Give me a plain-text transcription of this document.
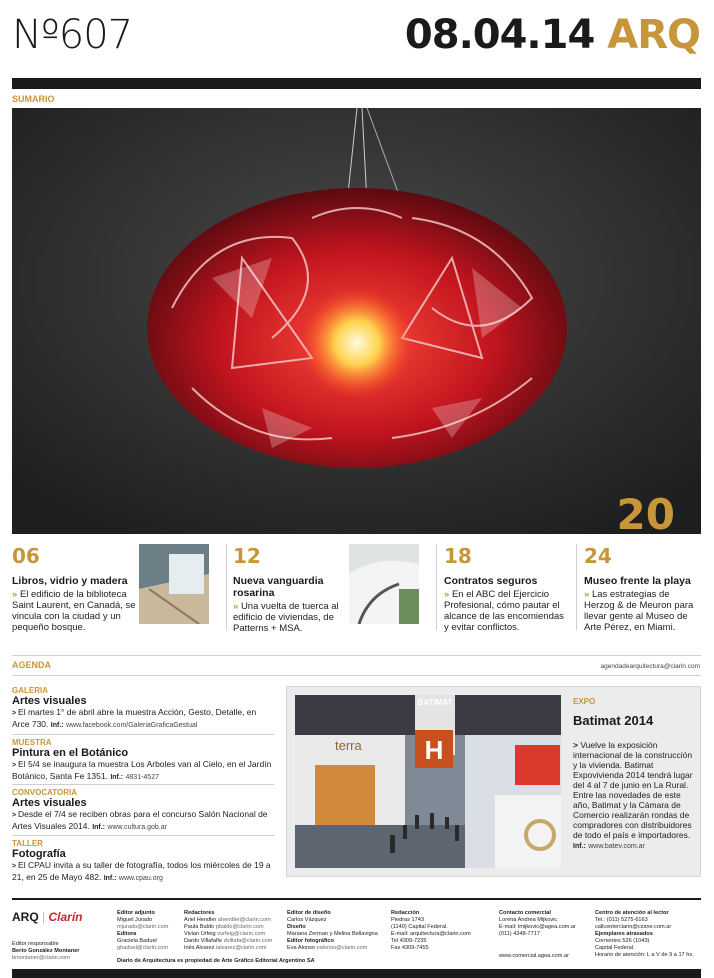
Nº607	08.04.14 ARQ
SUMARIO
20
06
Libros, vidrio y madera
» El edificio de la biblioteca Saint Laurent, en Canadá, se vincula con la ciudad y un pequeño bosque.
12
Nueva vanguardia rosarina
» Una vuelta de tuerca al edificio de viviendas, de Patterns + MSA.
18
Contratos seguros
» En el ABC del Ejercicio Profesional, cómo pautar el alcance de las encomiendas y evitar conflictos.
24
Museo frente la playa
» Las estrategias de Herzog & de Meuron para llevar gente al Museo de Arte Pérez, en Miami.
AGENDA	agendadearquitectura@clarin.com
GALERIA
Artes visuales
> El martes 1° de abril abre la muestra Acción, Gesto, Detalle, en Arce 730. Inf.: www.facebook.com/GaleriaGraficaGestual
MUESTRA
Pintura en el Botánico
> El 5/4 se inaugura la muestra Los Arboles van al Cielo, en el Jardín Botánico, Santa Fe 1351. Inf.: 4831-4527
CONVOCATORIA
Artes visuales
> Desde el 7/4 se reciben obras para el concurso Salón Nacional de Artes Visuales 2014. Inf.: www.cultura.gob.ar
TALLER
Fotografía
> El CPAU invita a su taller de fotografía, todos los miércoles de 19 a 21, en 25 de Mayo 482. Inf.: www.cpau.org
H
terra
BATIMAT	EXPO
Batimat 2014
> Vuelve la exposición internacional de la construcción y la vivienda. Batimat Expovivienda 2014 tendrá lugar del 4 al 7 de junio en La Rural. Entre las novedades de este año, Batimat y la Cámara de Comercio realizarán rondas de compradores con distribuidores de todo el país e importadores. Inf.: www.batev.com.ar
ARQ | Clarín
Editor responsable
Berto González Montaner
bmontaner@clarin.com
Editor adjunto
Miguel Jurado
mjurado@clarin.com
Editora
Graciela Baduel
gbaduel@clarin.com
Redactores
Ariel Hendler ahendler@clarin.com
Paula Baldo pbaldo@clarin.com
Vivian Urfeig vurfeig@clarin.com
Dardo Villafañe dvillafa@clarin.com
Inés Alvarez ialvarez@clarin.com
Editor de diseño
Carlos Vázquez
Diseño
Mariana Zerman y Melina Bellavigna
Editor fotográfico
Eva Alonso ealonso@clarin.com
Redacción
Piedras 1743
(1140) Capital Federal.
E-mail: arquitectura@clarin.com
Tel 4309-7235
Fax 4309-7455
Contacto comercial
Lorena Andrea Mijkovic
E-mail: lmijkovic@agea.com.ar
(011) 4348-7717
www.comercial.agea.com.ar
Centro de atención al lector
Tel.: (011) 5275-6163
callcenterclarin@cssne.com.ar
Ejemplares atrasados
Corrientes 526 (1043)
Capital Federal.
Horario de atención: L a V de 9 a 17 hs.
Diario de Arquitectura es propiedad de Arte Gráfico Editorial Argentino SA
